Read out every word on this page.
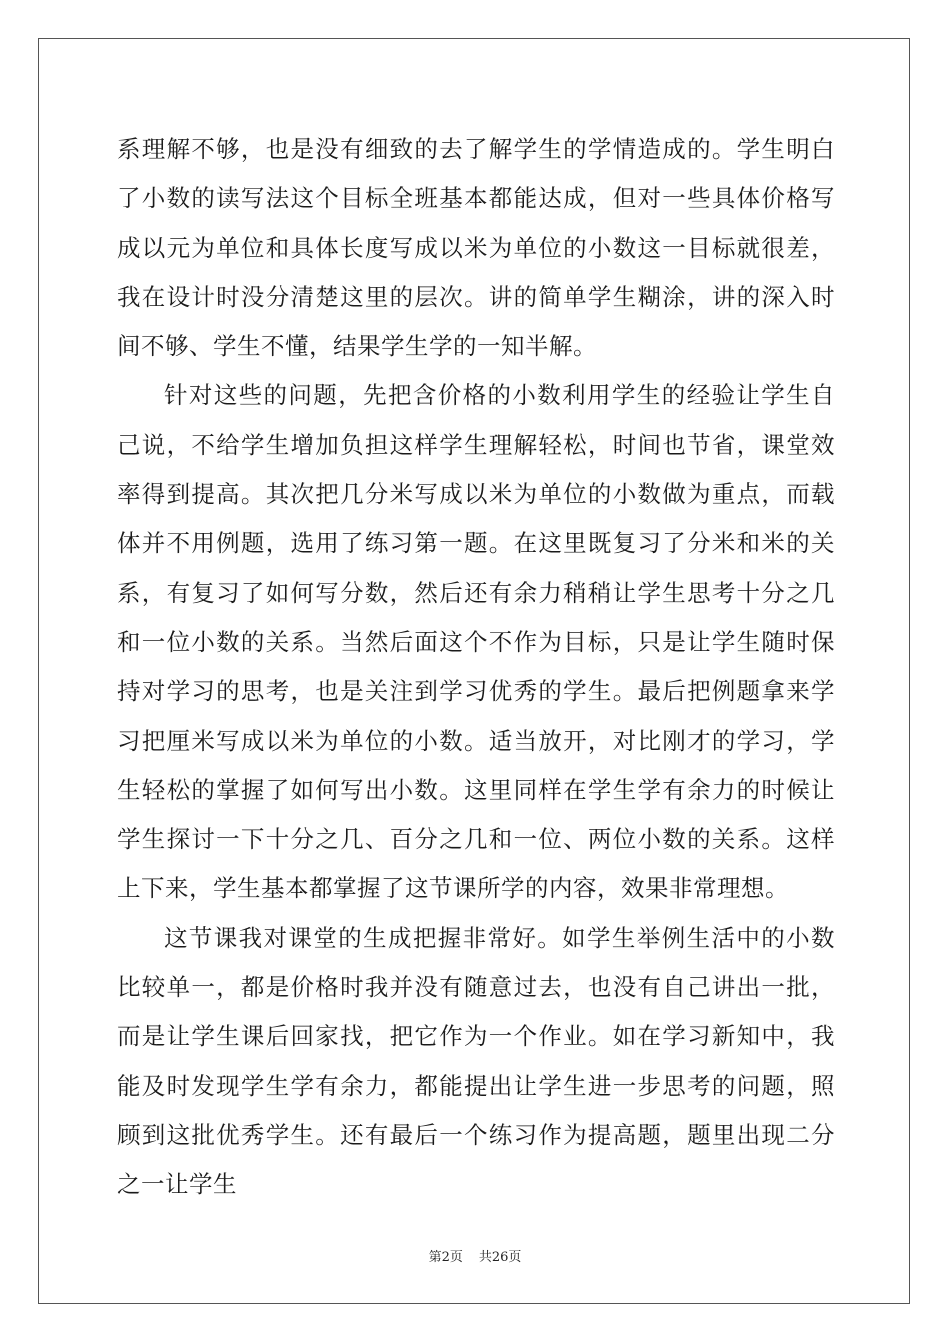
系理解不够，也是没有细致的去了解学生的学情造成的。学生明白了小数的读写法这个目标全班基本都能达成，但对一些具体价格写成以元为单位和具体长度写成以米为单位的小数这一目标就很差，我在设计时没分清楚这里的层次。讲的简单学生糊涂，讲的深入时间不够、学生不懂，结果学生学的一知半解。

针对这些的问题，先把含价格的小数利用学生的经验让学生自己说，不给学生增加负担这样学生理解轻松，时间也节省，课堂效率得到提高。其次把几分米写成以米为单位的小数做为重点，而载体并不用例题，选用了练习第一题。在这里既复习了分米和米的关系，有复习了如何写分数，然后还有余力稍稍让学生思考十分之几和一位小数的关系。当然后面这个不作为目标，只是让学生随时保持对学习的思考，也是关注到学习优秀的学生。最后把例题拿来学习把厘米写成以米为单位的小数。适当放开，对比刚才的学习，学生轻松的掌握了如何写出小数。这里同样在学生学有余力的时候让学生探讨一下十分之几、百分之几和一位、两位小数的关系。这样上下来，学生基本都掌握了这节课所学的内容，效果非常理想。

这节课我对课堂的生成把握非常好。如学生举例生活中的小数比较单一，都是价格时我并没有随意过去，也没有自己讲出一批，而是让学生课后回家找，把它作为一个作业。如在学习新知中，我能及时发现学生学有余力，都能提出让学生进一步思考的问题，照顾到这批优秀学生。还有最后一个练习作为提高题，题里出现二分之一让学生

第2页 共26页
